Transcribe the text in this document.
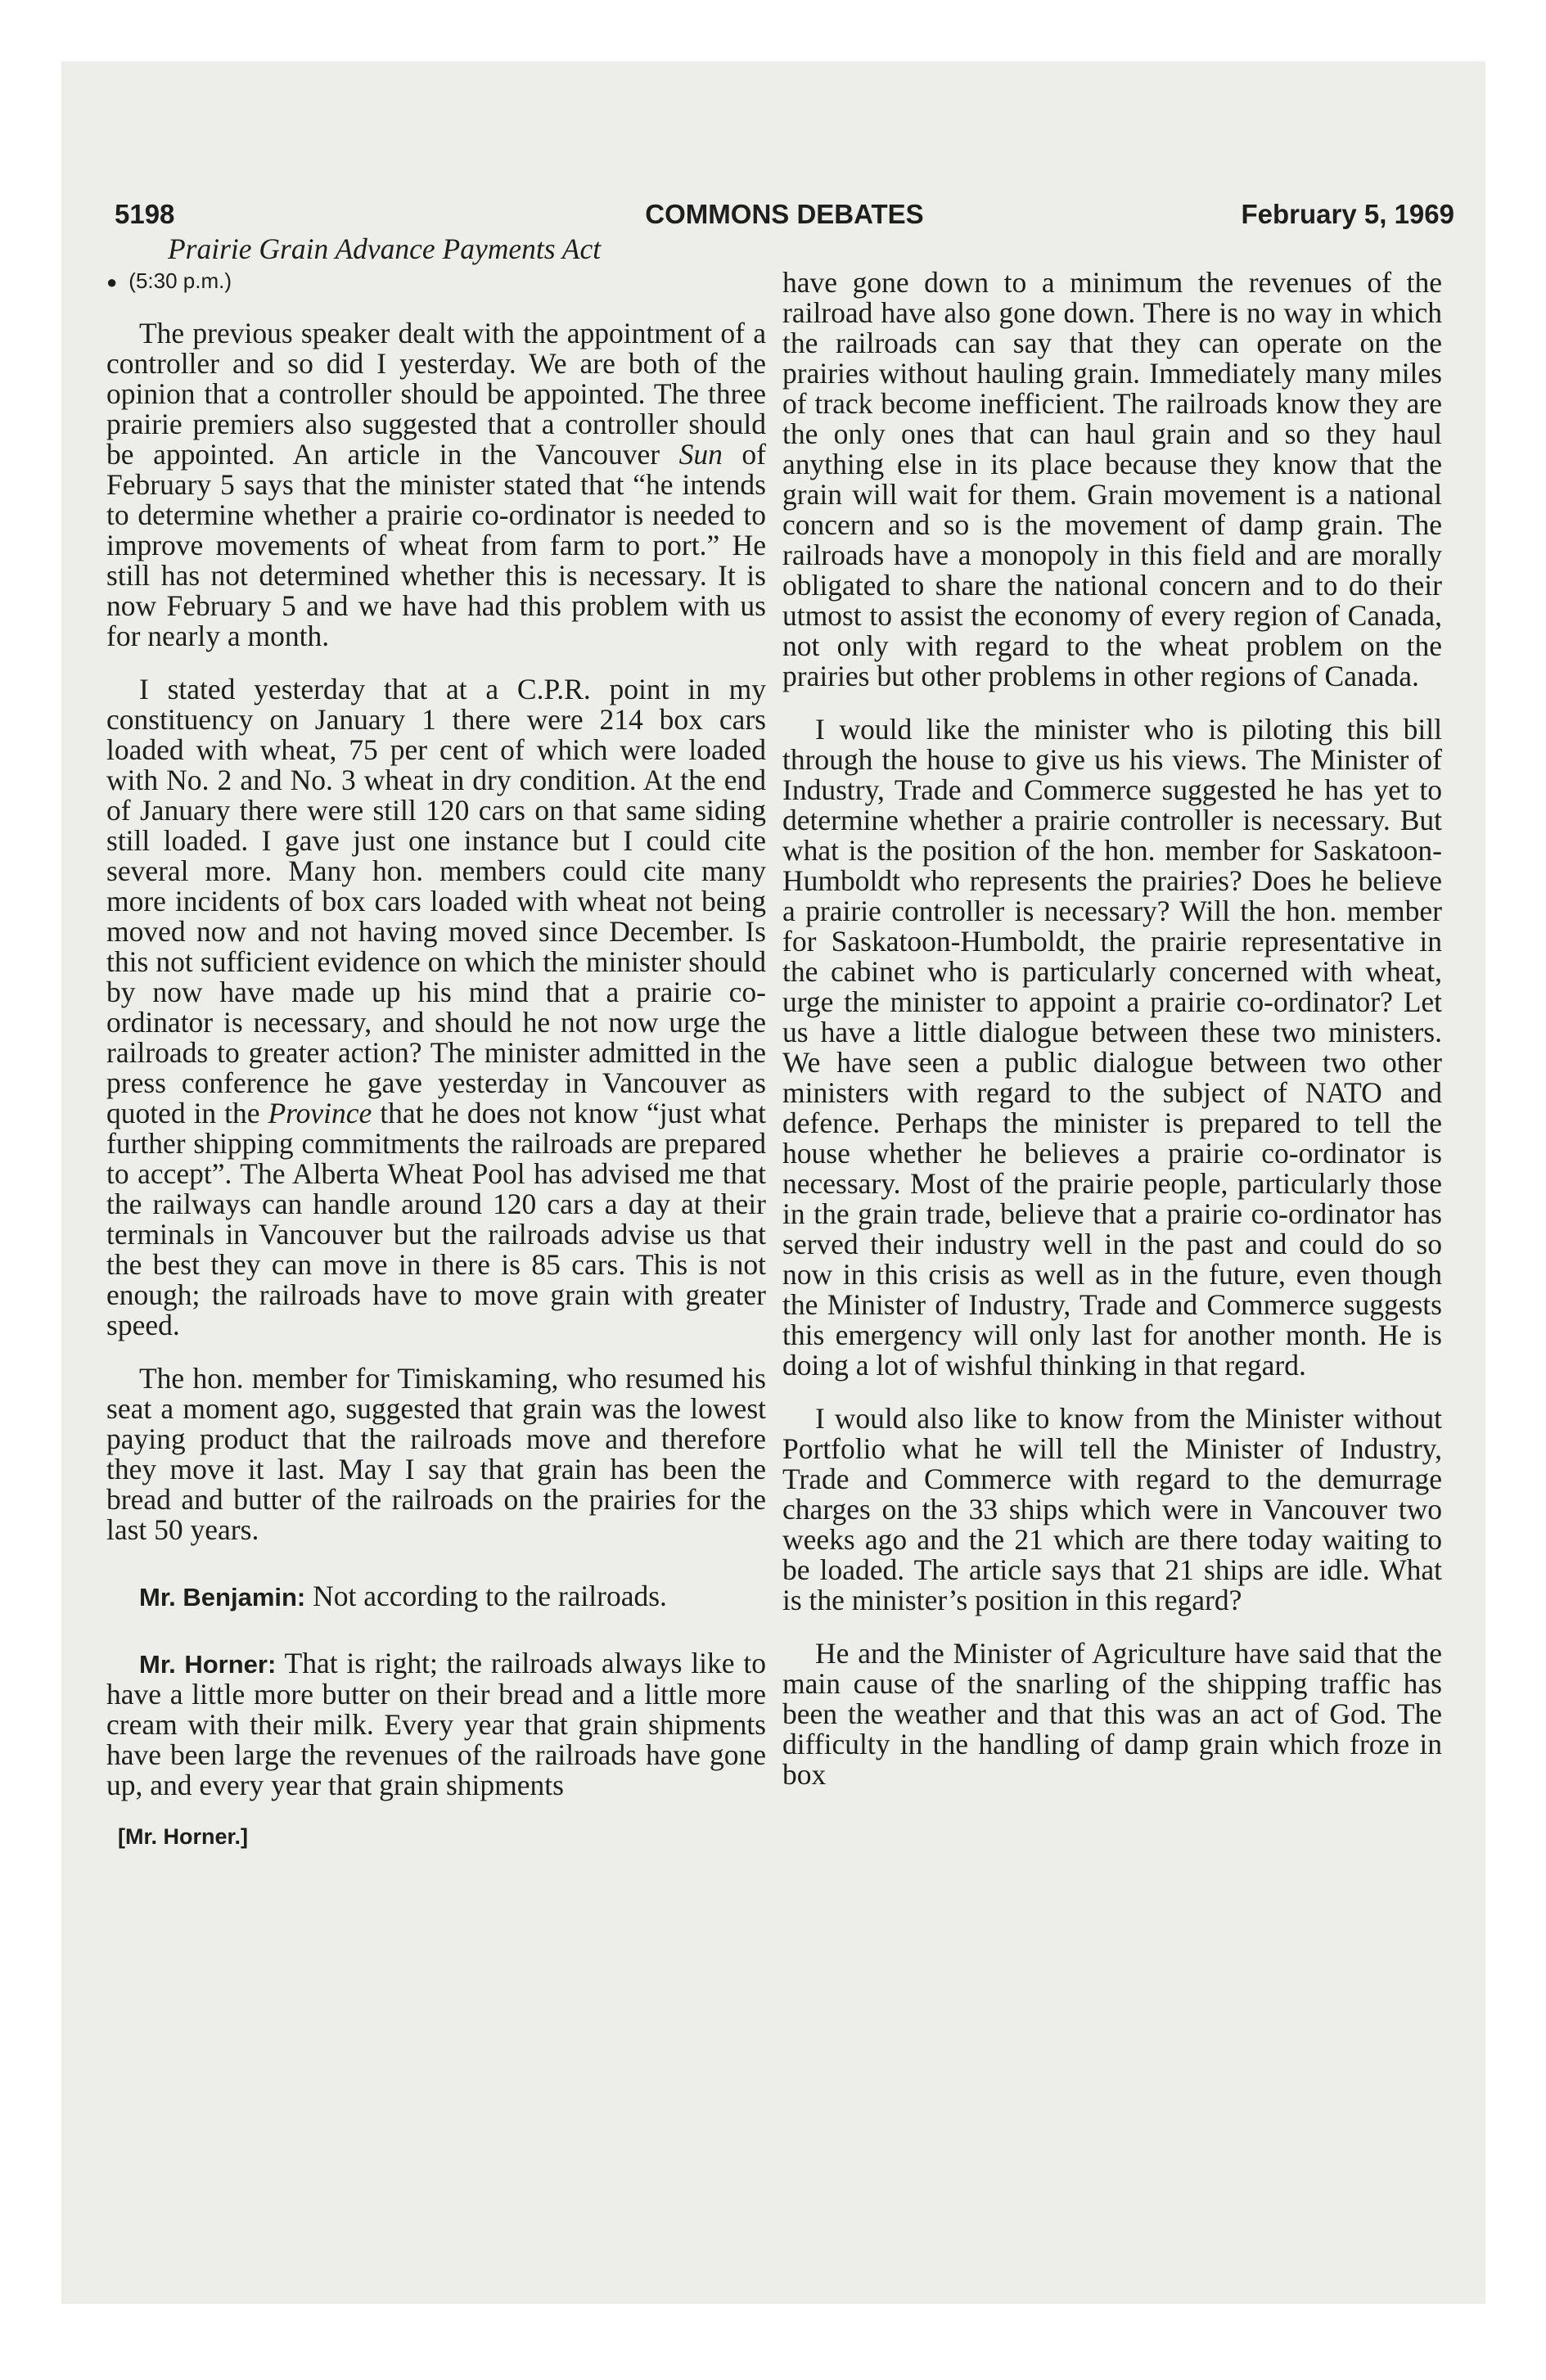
5198	COMMONS DEBATES	February 5, 1969
Prairie Grain Advance Payments Act
● (5:30 p.m.)

The previous speaker dealt with the appointment of a controller and so did I yesterday. We are both of the opinion that a controller should be appointed. The three prairie premiers also suggested that a controller should be appointed. An article in the Vancouver Sun of February 5 says that the minister stated that “he intends to determine whether a prairie co-ordinator is needed to improve movements of wheat from farm to port.” He still has not determined whether this is necessary. It is now February 5 and we have had this problem with us for nearly a month.

I stated yesterday that at a C.P.R. point in my constituency on January 1 there were 214 box cars loaded with wheat, 75 per cent of which were loaded with No. 2 and No. 3 wheat in dry condition. At the end of January there were still 120 cars on that same siding still loaded. I gave just one instance but I could cite several more. Many hon. members could cite many more incidents of box cars loaded with wheat not being moved now and not having moved since December. Is this not sufficient evidence on which the minister should by now have made up his mind that a prairie co-ordinator is necessary, and should he not now urge the railroads to greater action? The minister admitted in the press conference he gave yesterday in Vancouver as quoted in the Province that he does not know “just what further shipping commitments the railroads are prepared to accept”. The Alberta Wheat Pool has advised me that the railways can handle around 120 cars a day at their terminals in Vancouver but the railroads advise us that the best they can move in there is 85 cars. This is not enough; the railroads have to move grain with greater speed.

The hon. member for Timiskaming, who resumed his seat a moment ago, suggested that grain was the lowest paying product that the railroads move and therefore they move it last. May I say that grain has been the bread and butter of the railroads on the prairies for the last 50 years.

Mr. Benjamin: Not according to the railroads.

Mr. Horner: That is right; the railroads always like to have a little more butter on their bread and a little more cream with their milk. Every year that grain shipments have been large the revenues of the railroads have gone up, and every year that grain shipments

[Mr. Horner.]

have gone down to a minimum the revenues of the railroad have also gone down. There is no way in which the railroads can say that they can operate on the prairies without hauling grain. Immediately many miles of track become inefficient. The railroads know they are the only ones that can haul grain and so they haul anything else in its place because they know that the grain will wait for them. Grain movement is a national concern and so is the movement of damp grain. The railroads have a monopoly in this field and are morally obligated to share the national concern and to do their utmost to assist the economy of every region of Canada, not only with regard to the wheat problem on the prairies but other problems in other regions of Canada.

I would like the minister who is piloting this bill through the house to give us his views. The Minister of Industry, Trade and Commerce suggested he has yet to determine whether a prairie controller is necessary. But what is the position of the hon. member for Saskatoon-Humboldt who represents the prairies? Does he believe a prairie controller is necessary? Will the hon. member for Saskatoon-Humboldt, the prairie representative in the cabinet who is particularly concerned with wheat, urge the minister to appoint a prairie co-ordinator? Let us have a little dialogue between these two ministers. We have seen a public dialogue between two other ministers with regard to the subject of NATO and defence. Perhaps the minister is prepared to tell the house whether he believes a prairie co-ordinator is necessary. Most of the prairie people, particularly those in the grain trade, believe that a prairie co-ordinator has served their industry well in the past and could do so now in this crisis as well as in the future, even though the Minister of Industry, Trade and Commerce suggests this emergency will only last for another month. He is doing a lot of wishful thinking in that regard.

I would also like to know from the Minister without Portfolio what he will tell the Minister of Industry, Trade and Commerce with regard to the demurrage charges on the 33 ships which were in Vancouver two weeks ago and the 21 which are there today waiting to be loaded. The article says that 21 ships are idle. What is the minister’s position in this regard?

He and the Minister of Agriculture have said that the main cause of the snarling of the shipping traffic has been the weather and that this was an act of God. The difficulty in the handling of damp grain which froze in box
